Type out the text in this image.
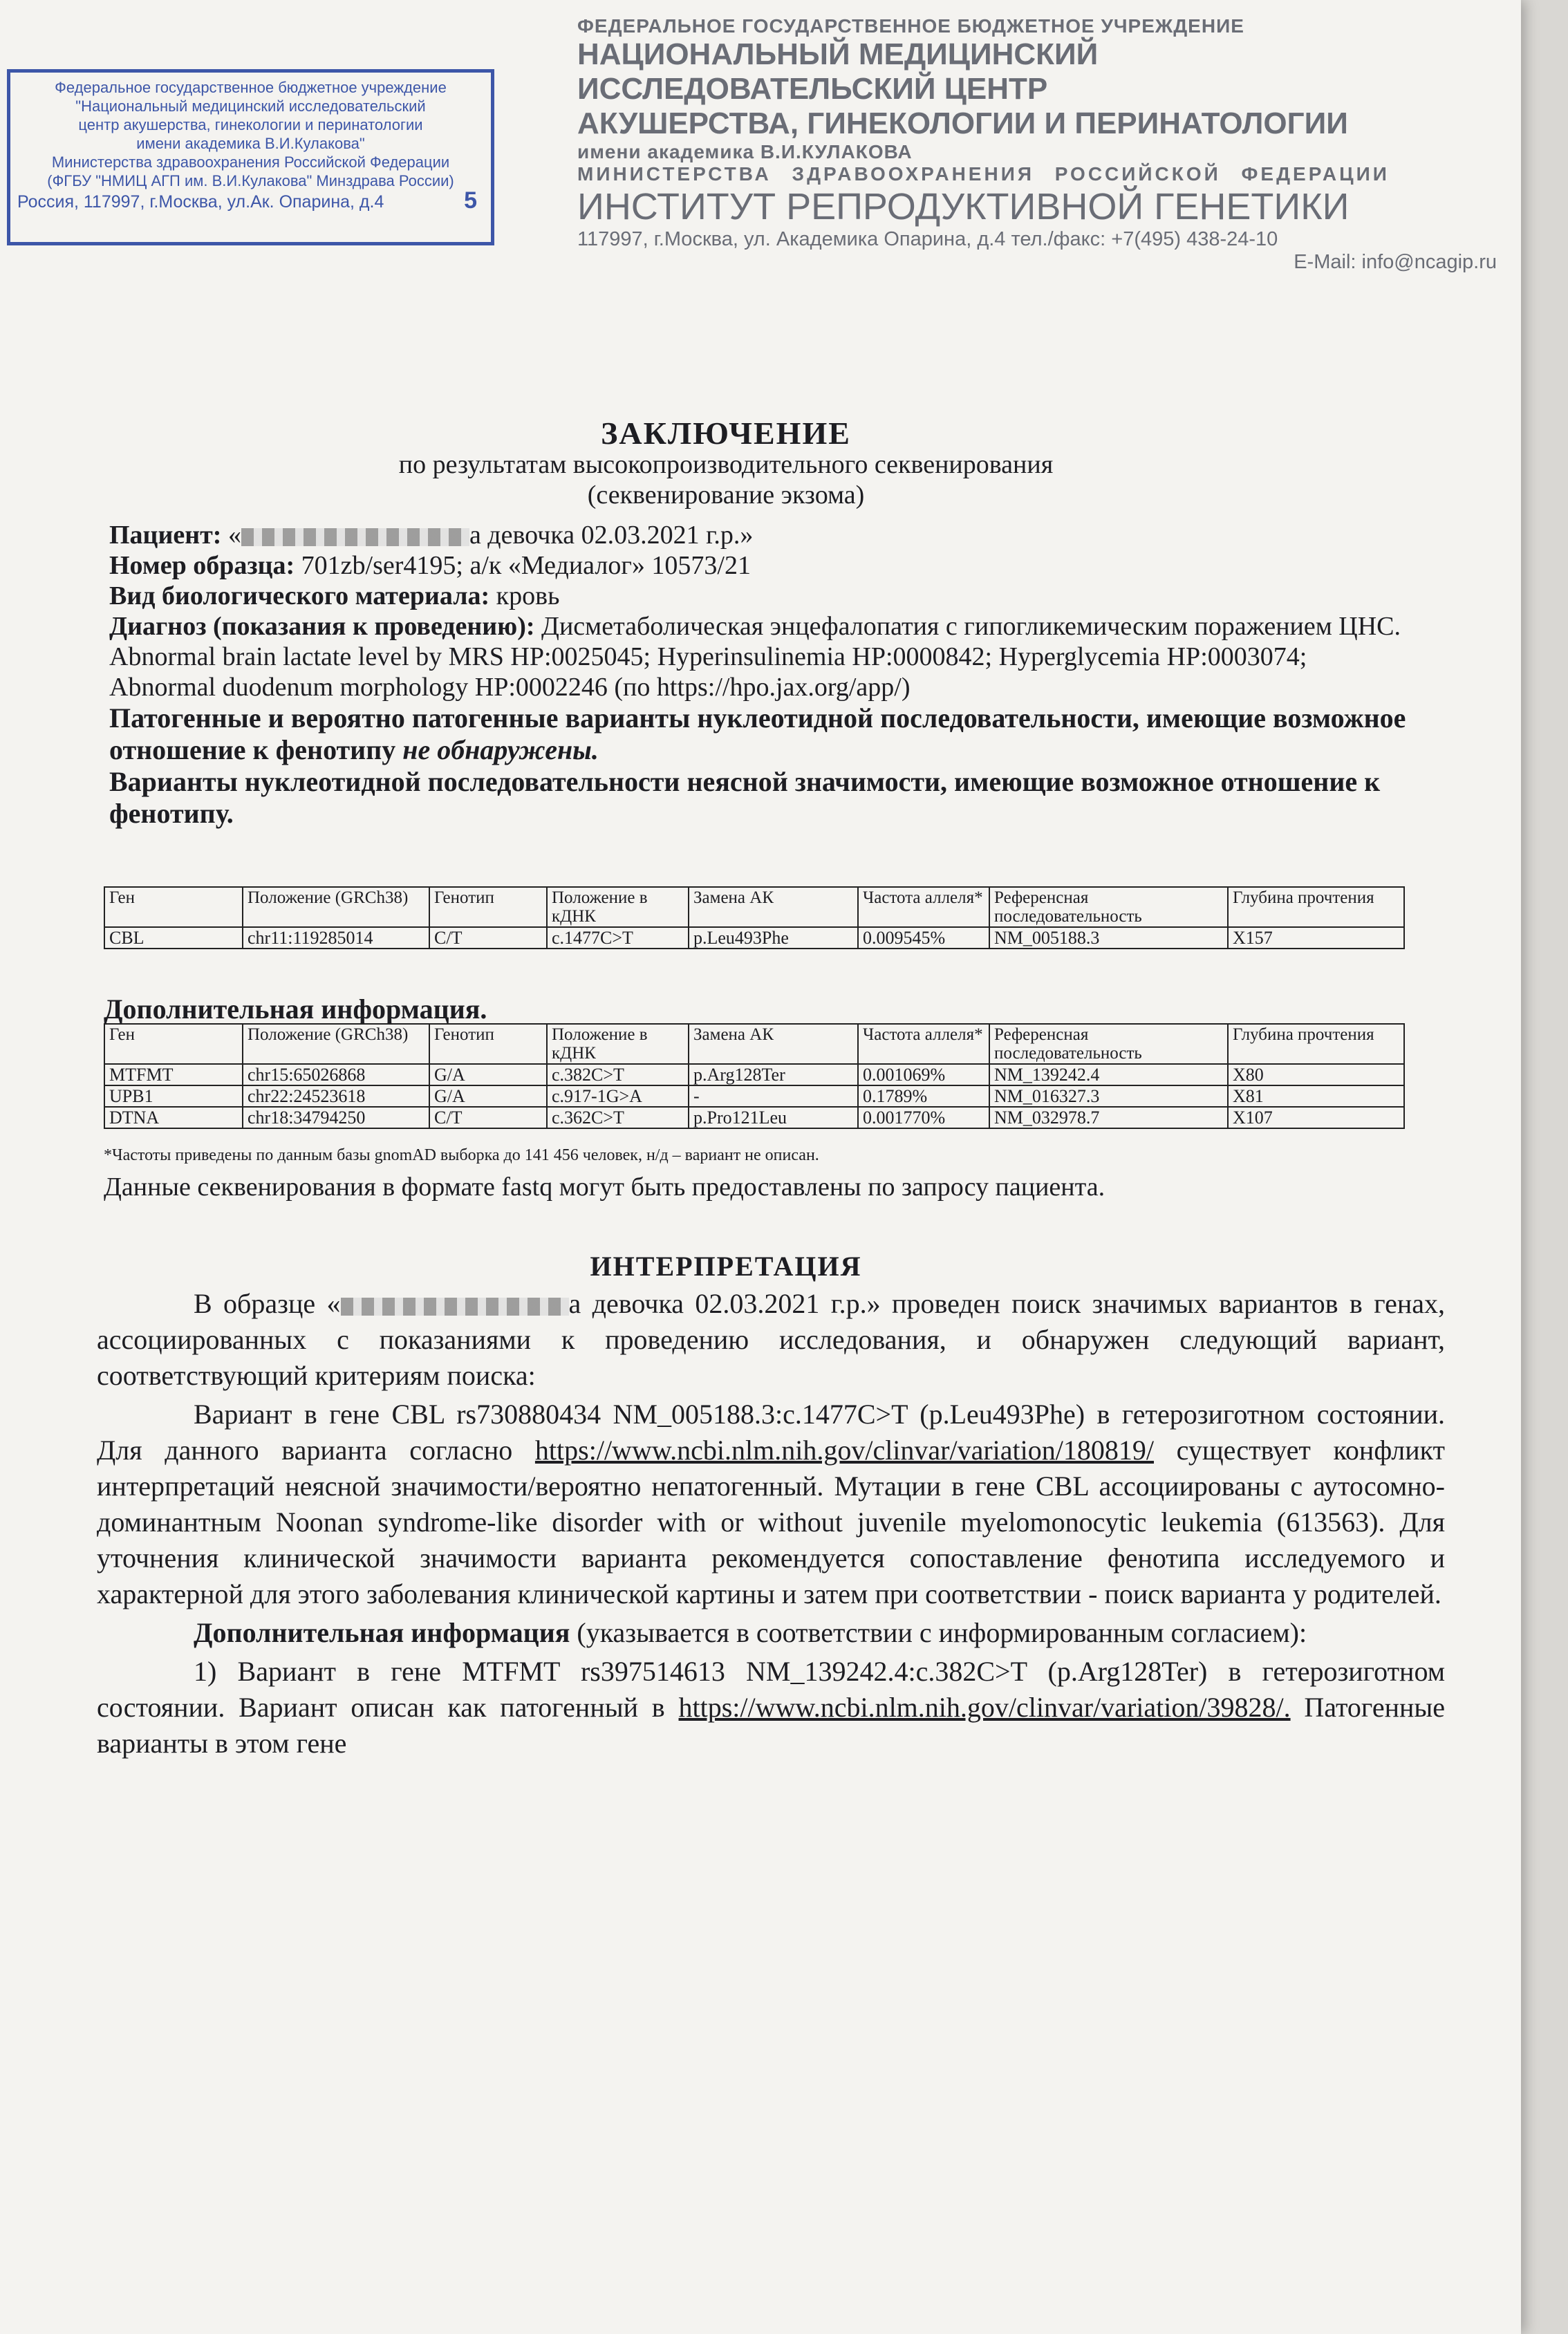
Федеральное государственное бюджетное учреждение
"Национальный медицинский исследовательский
центр акушерства, гинекологии и перинатологии
имени академика В.И.Кулакова"
Министерства здравоохранения Российской Федерации
(ФГБУ "НМИЦ АГП им. В.И.Кулакова" Минздрава России)
Россия, 117997, г.Москва, ул.Ак. Опарина, д.4	5
ФЕДЕРАЛЬНОЕ ГОСУДАРСТВЕННОЕ БЮДЖЕТНОЕ УЧРЕЖДЕНИЕ
НАЦИОНАЛЬНЫЙ МЕДИЦИНСКИЙ
ИССЛЕДОВАТЕЛЬСКИЙ ЦЕНТР
АКУШЕРСТВА, ГИНЕКОЛОГИИ И ПЕРИНАТОЛОГИИ
имени академика В.И.КУЛАКОВА
МИНИСТЕРСТВА ЗДРАВООХРАНЕНИЯ РОССИЙСКОЙ ФЕДЕРАЦИИ
ИНСТИТУТ РЕПРОДУКТИВНОЙ ГЕНЕТИКИ
117997, г.Москва, ул. Академика Опарина, д.4 тел./факс: +7(495) 438-24-10
E-Mail: info@ncagip.ru
ЗАКЛЮЧЕНИЕ
по результатам высокопроизводительного секвенирования
(секвенирование экзома)
Пациент: «	а девочка 02.03.2021 г.р.»
Номер образца: 701zb/ser4195; а/к «Медиалог» 10573/21
Вид биологического материала: кровь
Диагноз (показания к проведению): Дисметаболическая энцефалопатия с гипогликемическим поражением ЦНС. Abnormal brain lactate level by MRS HP:0025045; Hyperinsulinemia HP:0000842; Hyperglycemia HP:0003074; Abnormal duodenum morphology HP:0002246 (по https://hpo.jax.org/app/)
Патогенные и вероятно патогенные варианты нуклеотидной последовательности, имеющие возможное отношение к фенотипу не обнаружены.
Варианты нуклеотидной последовательности неясной значимости, имеющие возможное отношение к фенотипу.
Ген	Положение (GRCh38)	Генотип	Положение в кДНК	Замена АК	Частота аллеля*	Референсная последовательность	Глубина прочтения
CBL	chr11:119285014	C/T	c.1477C>T	p.Leu493Phe	0.009545%	NM_005188.3	X157
Дополнительная информация.
Ген	Положение (GRCh38)	Генотип	Положение в кДНК	Замена АК	Частота аллеля*	Референсная последовательность	Глубина прочтения
MTFMT	chr15:65026868	G/A	c.382C>T	p.Arg128Ter	0.001069%	NM_139242.4	X80
UPB1	chr22:24523618	G/A	c.917-1G>A	-	0.1789%	NM_016327.3	X81
DTNA	chr18:34794250	C/T	c.362C>T	p.Pro121Leu	0.001770%	NM_032978.7	X107
*Частоты приведены по данным базы gnomAD выборка до 141 456 человек, н/д – вариант не описан.
Данные секвенирования в формате fastq могут быть предоставлены по запросу пациента.
ИНТЕРПРЕТАЦИЯ

В образце «	а девочка 02.03.2021 г.р.» проведен поиск значимых вариантов в генах, ассоциированных с показаниями к проведению исследования, и обнаружен следующий вариант, соответствующий критериям поиска:

Вариант в гене CBL rs730880434 NM_005188.3:c.1477C>T (p.Leu493Phe) в гетерозиготном состоянии. Для данного варианта согласно https://www.ncbi.nlm.nih.gov/clinvar/variation/180819/ существует конфликт интерпретаций неясной значимости/вероятно непатогенный. Мутации в гене CBL ассоциированы с аутосомно-доминантным Noonan syndrome-like disorder with or without juvenile myelomonocytic leukemia (613563). Для уточнения клинической значимости варианта рекомендуется сопоставление фенотипа исследуемого и характерной для этого заболевания клинической картины и затем при соответствии - поиск варианта у родителей.

Дополнительная информация (указывается в соответствии с информированным согласием):

1) Вариант в гене MTFMT rs397514613 NM_139242.4:c.382C>T (p.Arg128Ter) в гетерозиготном состоянии. Вариант описан как патогенный в https://www.ncbi.nlm.nih.gov/clinvar/variation/39828/. Патогенные варианты в этом гене
